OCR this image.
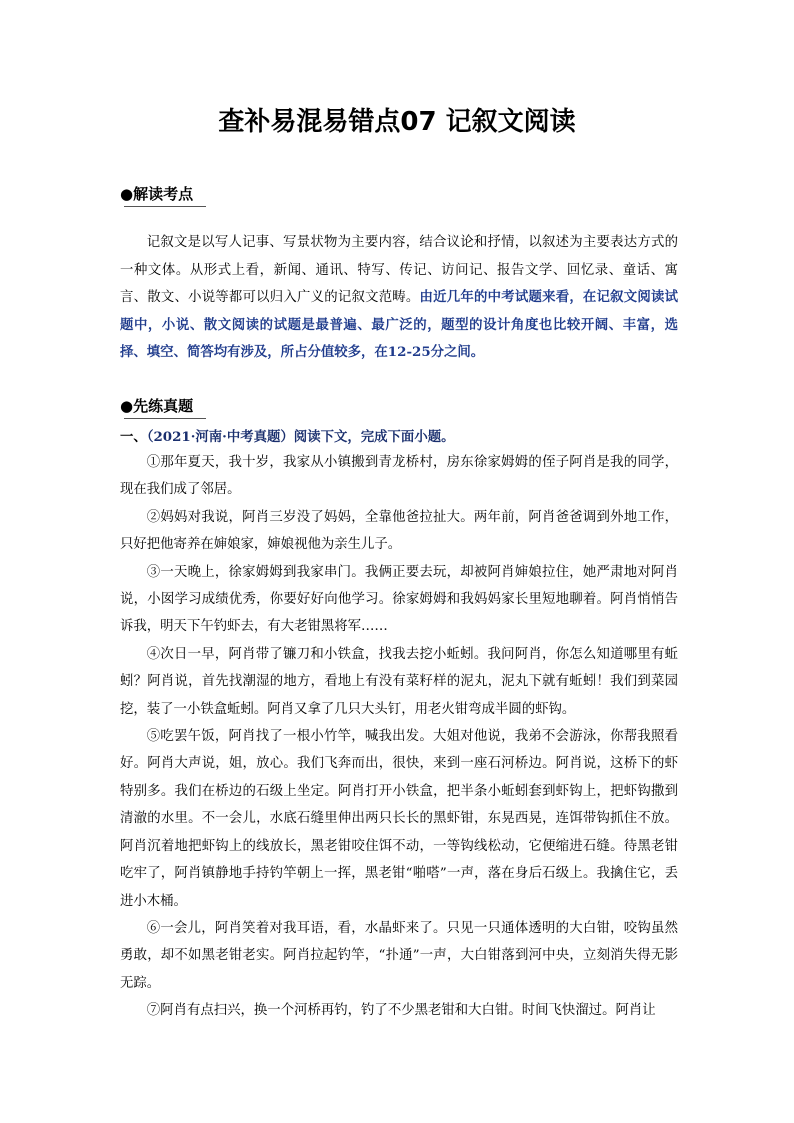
查补易混易错点07 记叙文阅读
●解读考点

记叙文是以写人记事、写景状物为主要内容，结合议论和抒情，以叙述为主要表达方式的一种文体。从形式上看，新闻、通讯、特写、传记、访问记、报告文学、回忆录、童话、寓言、散文、小说等都可以归入广义的记叙文范畴。由近几年的中考试题来看，在记叙文阅读试题中，小说、散文阅读的试题是最普遍、最广泛的，题型的设计角度也比较开阔、丰富，选择、填空、简答均有涉及，所占分值较多，在12-25分之间。

●先练真题
一、（2021·河南·中考真题）阅读下文，完成下面小题。

①那年夏天，我十岁，我家从小镇搬到青龙桥村，房东徐家姆姆的侄子阿肖是我的同学，现在我们成了邻居。

②妈妈对我说，阿肖三岁没了妈妈，全靠他爸拉扯大。两年前，阿肖爸爸调到外地工作，只好把他寄养在婶娘家，婶娘视他为亲生儿子。

③一天晚上，徐家姆姆到我家串门。我俩正要去玩，却被阿肖婶娘拉住，她严肃地对阿肖说，小囡学习成绩优秀，你要好好向他学习。徐家姆姆和我妈妈家长里短地聊着。阿肖悄悄告诉我，明天下午钓虾去，有大老钳黑将军……

④次日一早，阿肖带了镰刀和小铁盒，找我去挖小蚯蚓。我问阿肖，你怎么知道哪里有蚯蚓？阿肖说，首先找潮湿的地方，看地上有没有菜籽样的泥丸，泥丸下就有蚯蚓！我们到菜园挖，装了一小铁盒蚯蚓。阿肖又拿了几只大头钉，用老火钳弯成半圆的虾钩。

⑤吃罢午饭，阿肖找了一根小竹竿，喊我出发。大姐对他说，我弟不会游泳，你帮我照看好。阿肖大声说，姐，放心。我们飞奔而出，很快，来到一座石河桥边。阿肖说，这桥下的虾特别多。我们在桥边的石级上坐定。阿肖打开小铁盒，把半条小蚯蚓套到虾钩上，把虾钩撒到清澈的水里。不一会儿，水底石缝里伸出两只长长的黑虾钳，东晃西晃，连饵带钩抓住不放。阿肖沉着地把虾钩上的线放长，黑老钳咬住饵不动，一等钩线松动，它便缩进石缝。待黑老钳吃牢了，阿肖镇静地手持钓竿朝上一挥，黑老钳“啪嗒”一声，落在身后石级上。我擒住它，丢进小木桶。

⑥一会儿，阿肖笑着对我耳语，看，水晶虾来了。只见一只通体透明的大白钳，咬钩虽然勇敢，却不如黑老钳老实。阿肖拉起钓竿，“扑通”一声，大白钳落到河中央，立刻消失得无影无踪。

⑦阿肖有点扫兴，换一个河桥再钓，钓了不少黑老钳和大白钳。时间飞快溜过。阿肖让
